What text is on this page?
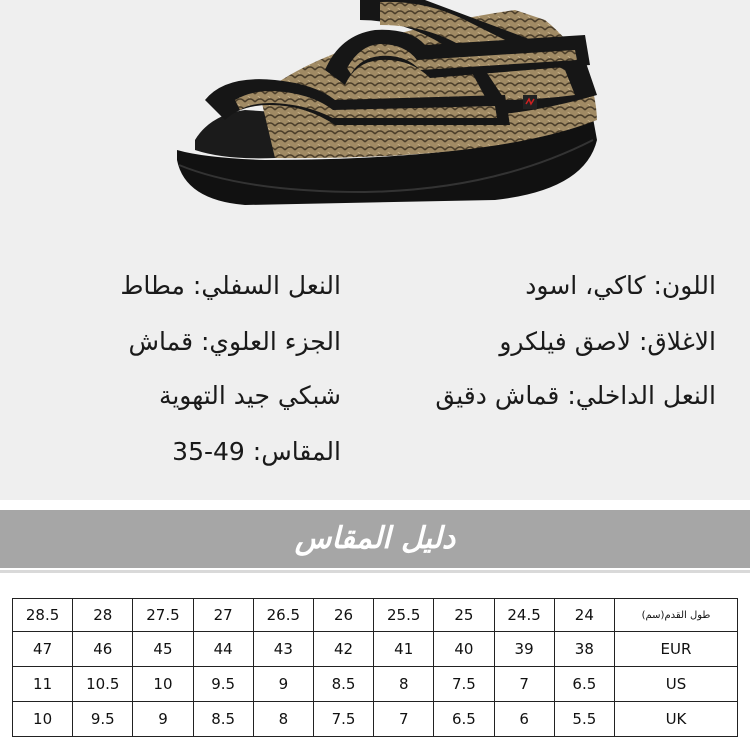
اللون: كاكي، اسود
الاغلاق: لاصق فيلكرو
النعل الداخلي: قماش دقيق
النعل السفلي: مطاط
الجزء العلوي: قماش
شبكي جيد التهوية
المقاس: 49-35
دليل المقاس
28.5	28	27.5	27	26.5	26	25.5	25	24.5	24	طول القدم(سم)
47	46	45	44	43	42	41	40	39	38	EUR
11	10.5	10	9.5	9	8.5	8	7.5	7	6.5	US
10	9.5	9	8.5	8	7.5	7	6.5	6	5.5	UK
